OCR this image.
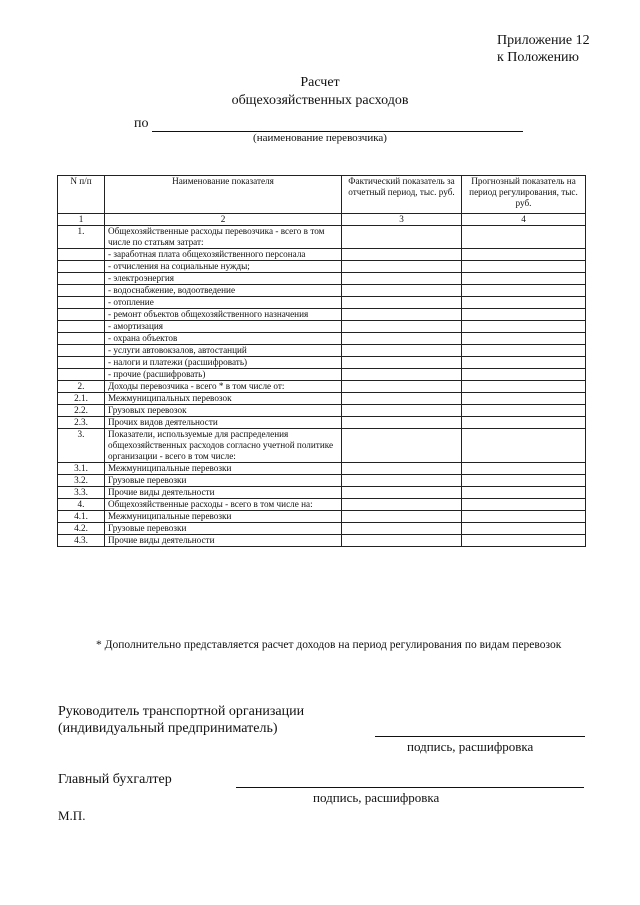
Приложение 12
к Положению
Расчет
общехозяйственных расходов
по
(наименование перевозчика)
N п/п	Наименование показателя	Фактический показатель за отчетный период, тыс. руб.	Прогнозный показатель на период регулирования, тыс. руб.
1	2	3	4
1.	Общехозяйственные расходы перевозчика - всего в том числе по статьям затрат:		
	- заработная плата общехозяйственного персонала		
	- отчисления на социальные нужды;		
	- электроэнергия		
	- водоснабжение, водоотведение		
	- отопление		
	- ремонт объектов общехозяйственного назначения		
	- амортизация		
	- охрана объектов		
	- услуги автовокзалов, автостанций		
	- налоги и платежи (расшифровать)		
	- прочие (расшифровать)		
2.	Доходы перевозчика - всего * в том числе от:		
2.1.	Межмуниципальных перевозок		
2.2.	Грузовых перевозок		
2.3.	Прочих видов деятельности		
3.	Показатели, используемые для распределения общехозяйственных расходов согласно учетной политике организации - всего в том числе:		
3.1.	Межмуниципальные перевозки		
3.2.	Грузовые перевозки		
3.3.	Прочие виды деятельности		
4.	Общехозяйственные расходы - всего в том числе на:		
4.1.	Межмуниципальные перевозки		
4.2.	Грузовые перевозки		
4.3.	Прочие виды деятельности		
* Дополнительно представляется расчет доходов на период регулирования по видам перевозок
Руководитель транспортной организации
(индивидуальный предприниматель)
подпись, расшифровка
Главный бухгалтер
подпись, расшифровка
М.П.
